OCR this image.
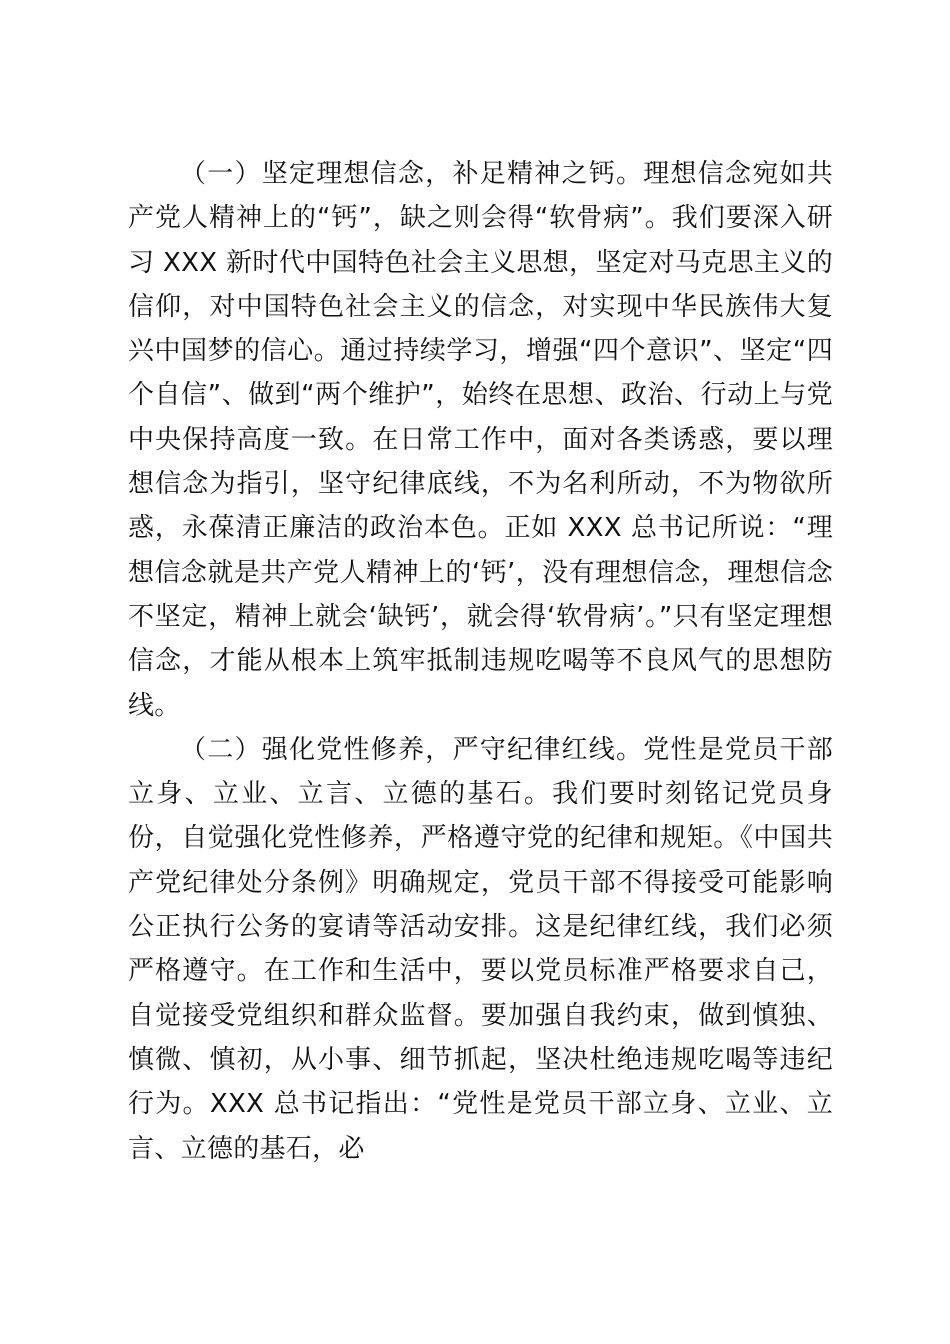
（一）坚定理想信念，补足精神之钙。理想信念宛如共产党人精神上的“钙”，缺之则会得“软骨病”。我们要深入研习 XXX 新时代中国特色社会主义思想，坚定对马克思主义的信仰，对中国特色社会主义的信念，对实现中华民族伟大复兴中国梦的信心。通过持续学习，增强“四个意识”、坚定“四个自信”、做到“两个维护”，始终在思想、政治、行动上与党中央保持高度一致。在日常工作中，面对各类诱惑，要以理想信念为指引，坚守纪律底线，不为名利所动，不为物欲所惑，永葆清正廉洁的政治本色。正如 XXX 总书记所说：“理想信念就是共产党人精神上的‘钙’，没有理想信念，理想信念不坚定，精神上就会‘缺钙’，就会得‘软骨病’。”只有坚定理想信念，才能从根本上筑牢抵制违规吃喝等不良风气的思想防线。

（二）强化党性修养，严守纪律红线。党性是党员干部立身、立业、立言、立德的基石。我们要时刻铭记党员身份，自觉强化党性修养，严格遵守党的纪律和规矩。《中国共产党纪律处分条例》明确规定，党员干部不得接受可能影响公正执行公务的宴请等活动安排。这是纪律红线，我们必须严格遵守。在工作和生活中，要以党员标准严格要求自己，自觉接受党组织和群众监督。要加强自我约束，做到慎独、慎微、慎初，从小事、细节抓起，坚决杜绝违规吃喝等违纪行为。XXX 总书记指出：“党性是党员干部立身、立业、立言、立德的基石，必
